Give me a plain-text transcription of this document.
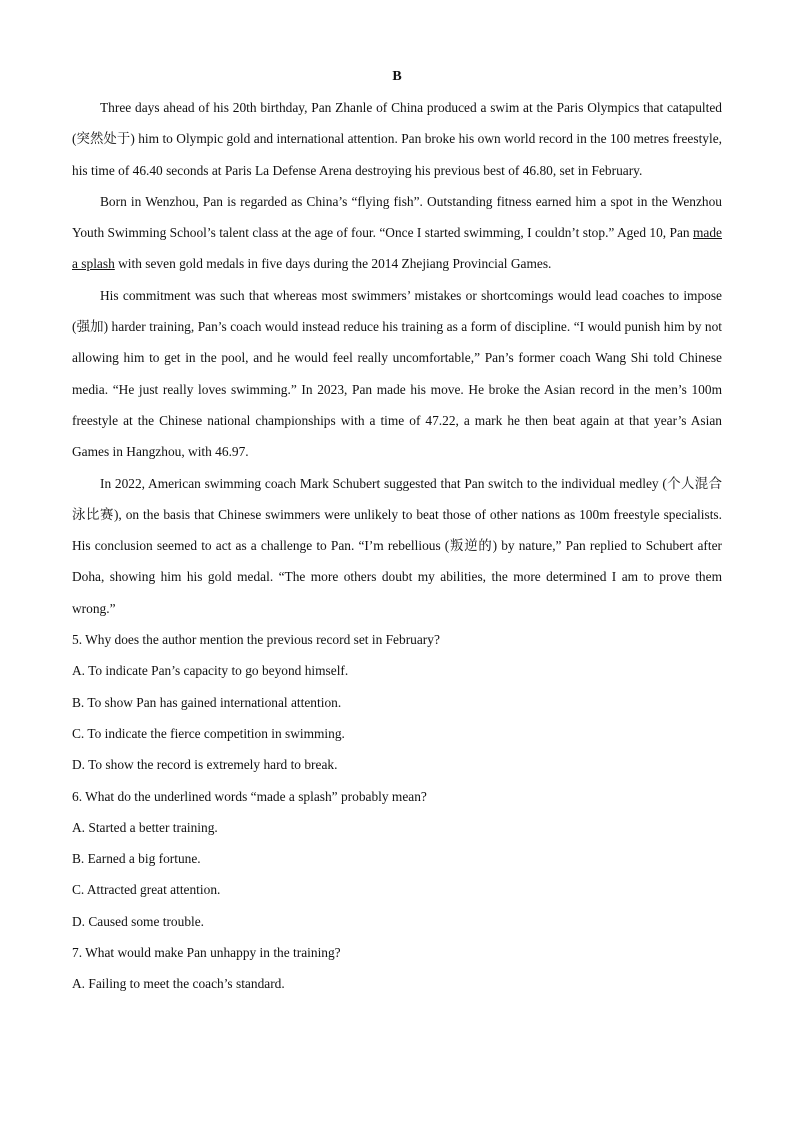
B

Three days ahead of his 20th birthday, Pan Zhanle of China produced a swim at the Paris Olympics that catapulted (突然处于) him to Olympic gold and international attention. Pan broke his own world record in the 100 metres freestyle, his time of 46.40 seconds at Paris La Defense Arena destroying his previous best of 46.80, set in February.

Born in Wenzhou, Pan is regarded as China’s “flying fish”. Outstanding fitness earned him a spot in the Wenzhou Youth Swimming School’s talent class at the age of four. “Once I started swimming, I couldn’t stop.” Aged 10, Pan made a splash with seven gold medals in five days during the 2014 Zhejiang Provincial Games.

His commitment was such that whereas most swimmers’ mistakes or shortcomings would lead coaches to impose (强加) harder training, Pan’s coach would instead reduce his training as a form of discipline. “I would punish him by not allowing him to get in the pool, and he would feel really uncomfortable,” Pan’s former coach Wang Shi told Chinese media. “He just really loves swimming.” In 2023, Pan made his move. He broke the Asian record in the men’s 100m freestyle at the Chinese national championships with a time of 47.22, a mark he then beat again at that year’s Asian Games in Hangzhou, with 46.97.

In 2022, American swimming coach Mark Schubert suggested that Pan switch to the individual medley (个人混合泳比赛), on the basis that Chinese swimmers were unlikely to beat those of other nations as 100m freestyle specialists. His conclusion seemed to act as a challenge to Pan. “I’m rebellious (叛逆的) by nature,” Pan replied to Schubert after Doha, showing him his gold medal. “The more others doubt my abilities, the more determined I am to prove them wrong.”

5. Why does the author mention the previous record set in February?

A. To indicate Pan’s capacity to go beyond himself.

B. To show Pan has gained international attention.

C. To indicate the fierce competition in swimming.

D. To show the record is extremely hard to break.

6. What do the underlined words “made a splash” probably mean?

A. Started a better training.

B. Earned a big fortune.

C. Attracted great attention.

D. Caused some trouble.

7. What would make Pan unhappy in the training?

A. Failing to meet the coach’s standard.
